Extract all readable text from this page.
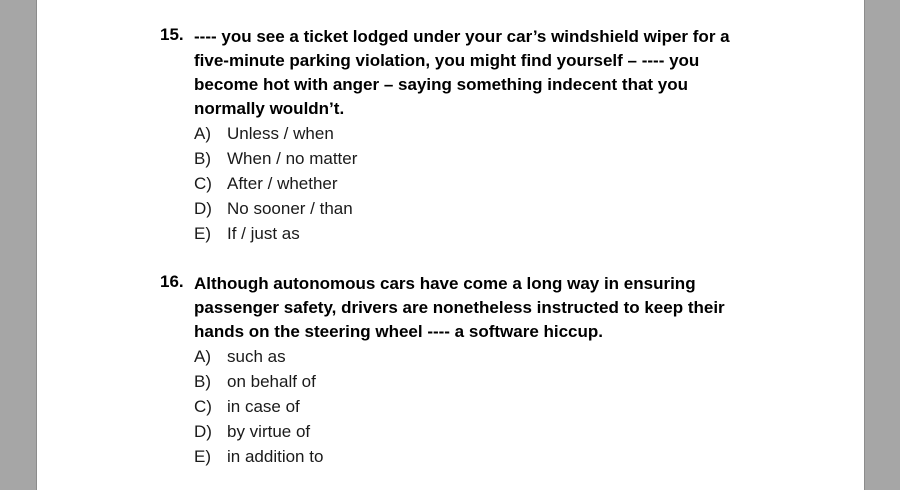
15. ---- you see a ticket lodged under your car’s windshield wiper for a
five-minute parking violation, you might find yourself – ---- you
become hot with anger – saying something indecent that you
normally wouldn’t.
A) Unless / when
B) When / no matter
C) After / whether
D) No sooner / than
E) If / just as
16. Although autonomous cars have come a long way in ensuring
passenger safety, drivers are nonetheless instructed to keep their
hands on the steering wheel ---- a software hiccup.
A) such as
B) on behalf of
C) in case of
D) by virtue of
E) in addition to
